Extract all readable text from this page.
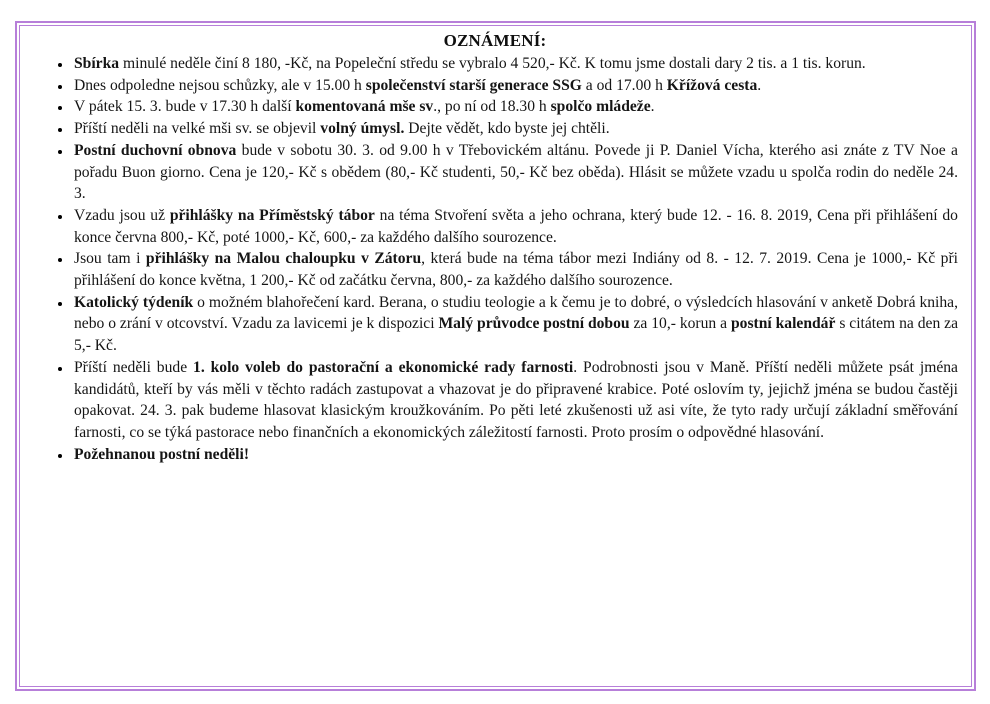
OZNÁMENÍ:
• Sbírka minulé neděle činí 8 180, -Kč, na Popeleční středu se vybralo 4 520,- Kč. K tomu jsme dostali dary 2 tis. a 1 tis. korun.
• Dnes odpoledne nejsou schůzky, ale v 15.00 h společenství starší generace SSG a od 17.00 h Křížová cesta.
• V pátek 15. 3. bude v 17.30 h další komentovaná mše sv., po ní od 18.30 h spolčo mládeže.
• Příští neděli na velké mši sv. se objevil volný úmysl. Dejte vědět, kdo byste jej chtěli.
• Postní duchovní obnova bude v sobotu 30. 3. od 9.00 h v Třebovickém altánu. Povede ji P. Daniel Vícha, kterého asi znáte z TV Noe a pořadu Buon giorno. Cena je 120,- Kč s obědem (80,- Kč studenti, 50,- Kč bez oběda). Hlásit se můžete vzadu u spolča rodin do neděle 24. 3.
• Vzadu jsou už přihlášky na Příměstský tábor na téma Stvoření světa a jeho ochrana, který bude 12. - 16. 8. 2019, Cena při přihlášení do konce června 800,- Kč, poté 1000,- Kč, 600,- za každého dalšího sourozence.
• Jsou tam i přihlášky na Malou chaloupku v Zátoru, která bude na téma tábor mezi Indiány od 8. - 12. 7. 2019. Cena je 1000,- Kč při přihlášení do konce května, 1 200,- Kč od začátku června, 800,- za každého dalšího sourozence.
• Katolický týdeník o možném blahořečení kard. Berana, o studiu teologie a k čemu je to dobré, o výsledcích hlasování v anketě Dobrá kniha, nebo o zrání v otcovství. Vzadu za lavicemi je k dispozici Malý průvodce postní dobou za 10,- korun a postní kalendář s citátem na den za 5,- Kč.
• Příští neděli bude 1. kolo voleb do pastorační a ekonomické rady farnosti. Podrobnosti jsou v Maně. Příští neděli můžete psát jména kandidátů, kteří by vás měli v těchto radách zastupovat a vhazovat je do připravené krabice. Poté oslovím ty, jejichž jména se budou častěji opakovat. 24. 3. pak budeme hlasovat klasickým kroužkováním. Po pěti leté zkušenosti už asi víte, že tyto rady určují základní směřování farnosti, co se týká pastorace nebo finančních a ekonomických záležitostí farnosti. Proto prosím o odpovědné hlasování.
• Požehnanou postní neděli!
